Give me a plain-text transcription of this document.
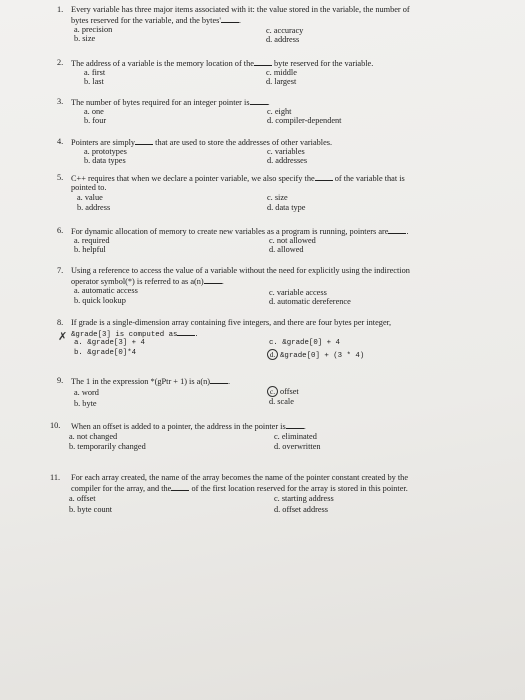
1. Every variable has three major items associated with it: the value stored in the variable, the number of
bytes reserved for the variable, and the bytes' .
a. precision
b. size
c. accuracy
d. address
2. The address of a variable is the memory location of the byte reserved for the variable.
a. first
b. last
c. middle
d. largest
3. The number of bytes required for an integer pointer is .
a. one
b. four
c. eight
d. compiler-dependent
4. Pointers are simply that are used to store the addresses of other variables.
a. prototypes
b. data types
c. variables
d. addresses
5. C++ requires that when we declare a pointer variable, we also specify the of the variable that is
pointed to.
a. value
b. address
c. size
d. data type
6. For dynamic allocation of memory to create new variables as a program is running, pointers are .
a. required
b. helpful
c. not allowed
d. allowed
7. Using a reference to access the value of a variable without the need for explicitly using the indirection
operator symbol(*) is referred to as a(n) .
a. automatic access
b. quick lookup
c. variable access
d. automatic dereference
✗
8. If grade is a single-dimension array containing five integers, and there are four bytes per integer,
&grade[3] is computed as .
a. &grade[3] + 4
b. &grade[0]*4
c. &grade[0] + 4
d. &grade[0] + (3 * 4)
9. The 1 in the expression *(gPtr + 1) is a(n) .
a. word
b. byte
c. offset
d. scale
10. When an offset is added to a pointer, the address in the pointer is .
a. not changed
b. temporarily changed
c. eliminated
d. overwritten
11. For each array created, the name of the array becomes the name of the pointer constant created by the
compiler for the array, and the of the first location reserved for the array is stored in this pointer.
a. offset
b. byte count
c. starting address
d. offset address
